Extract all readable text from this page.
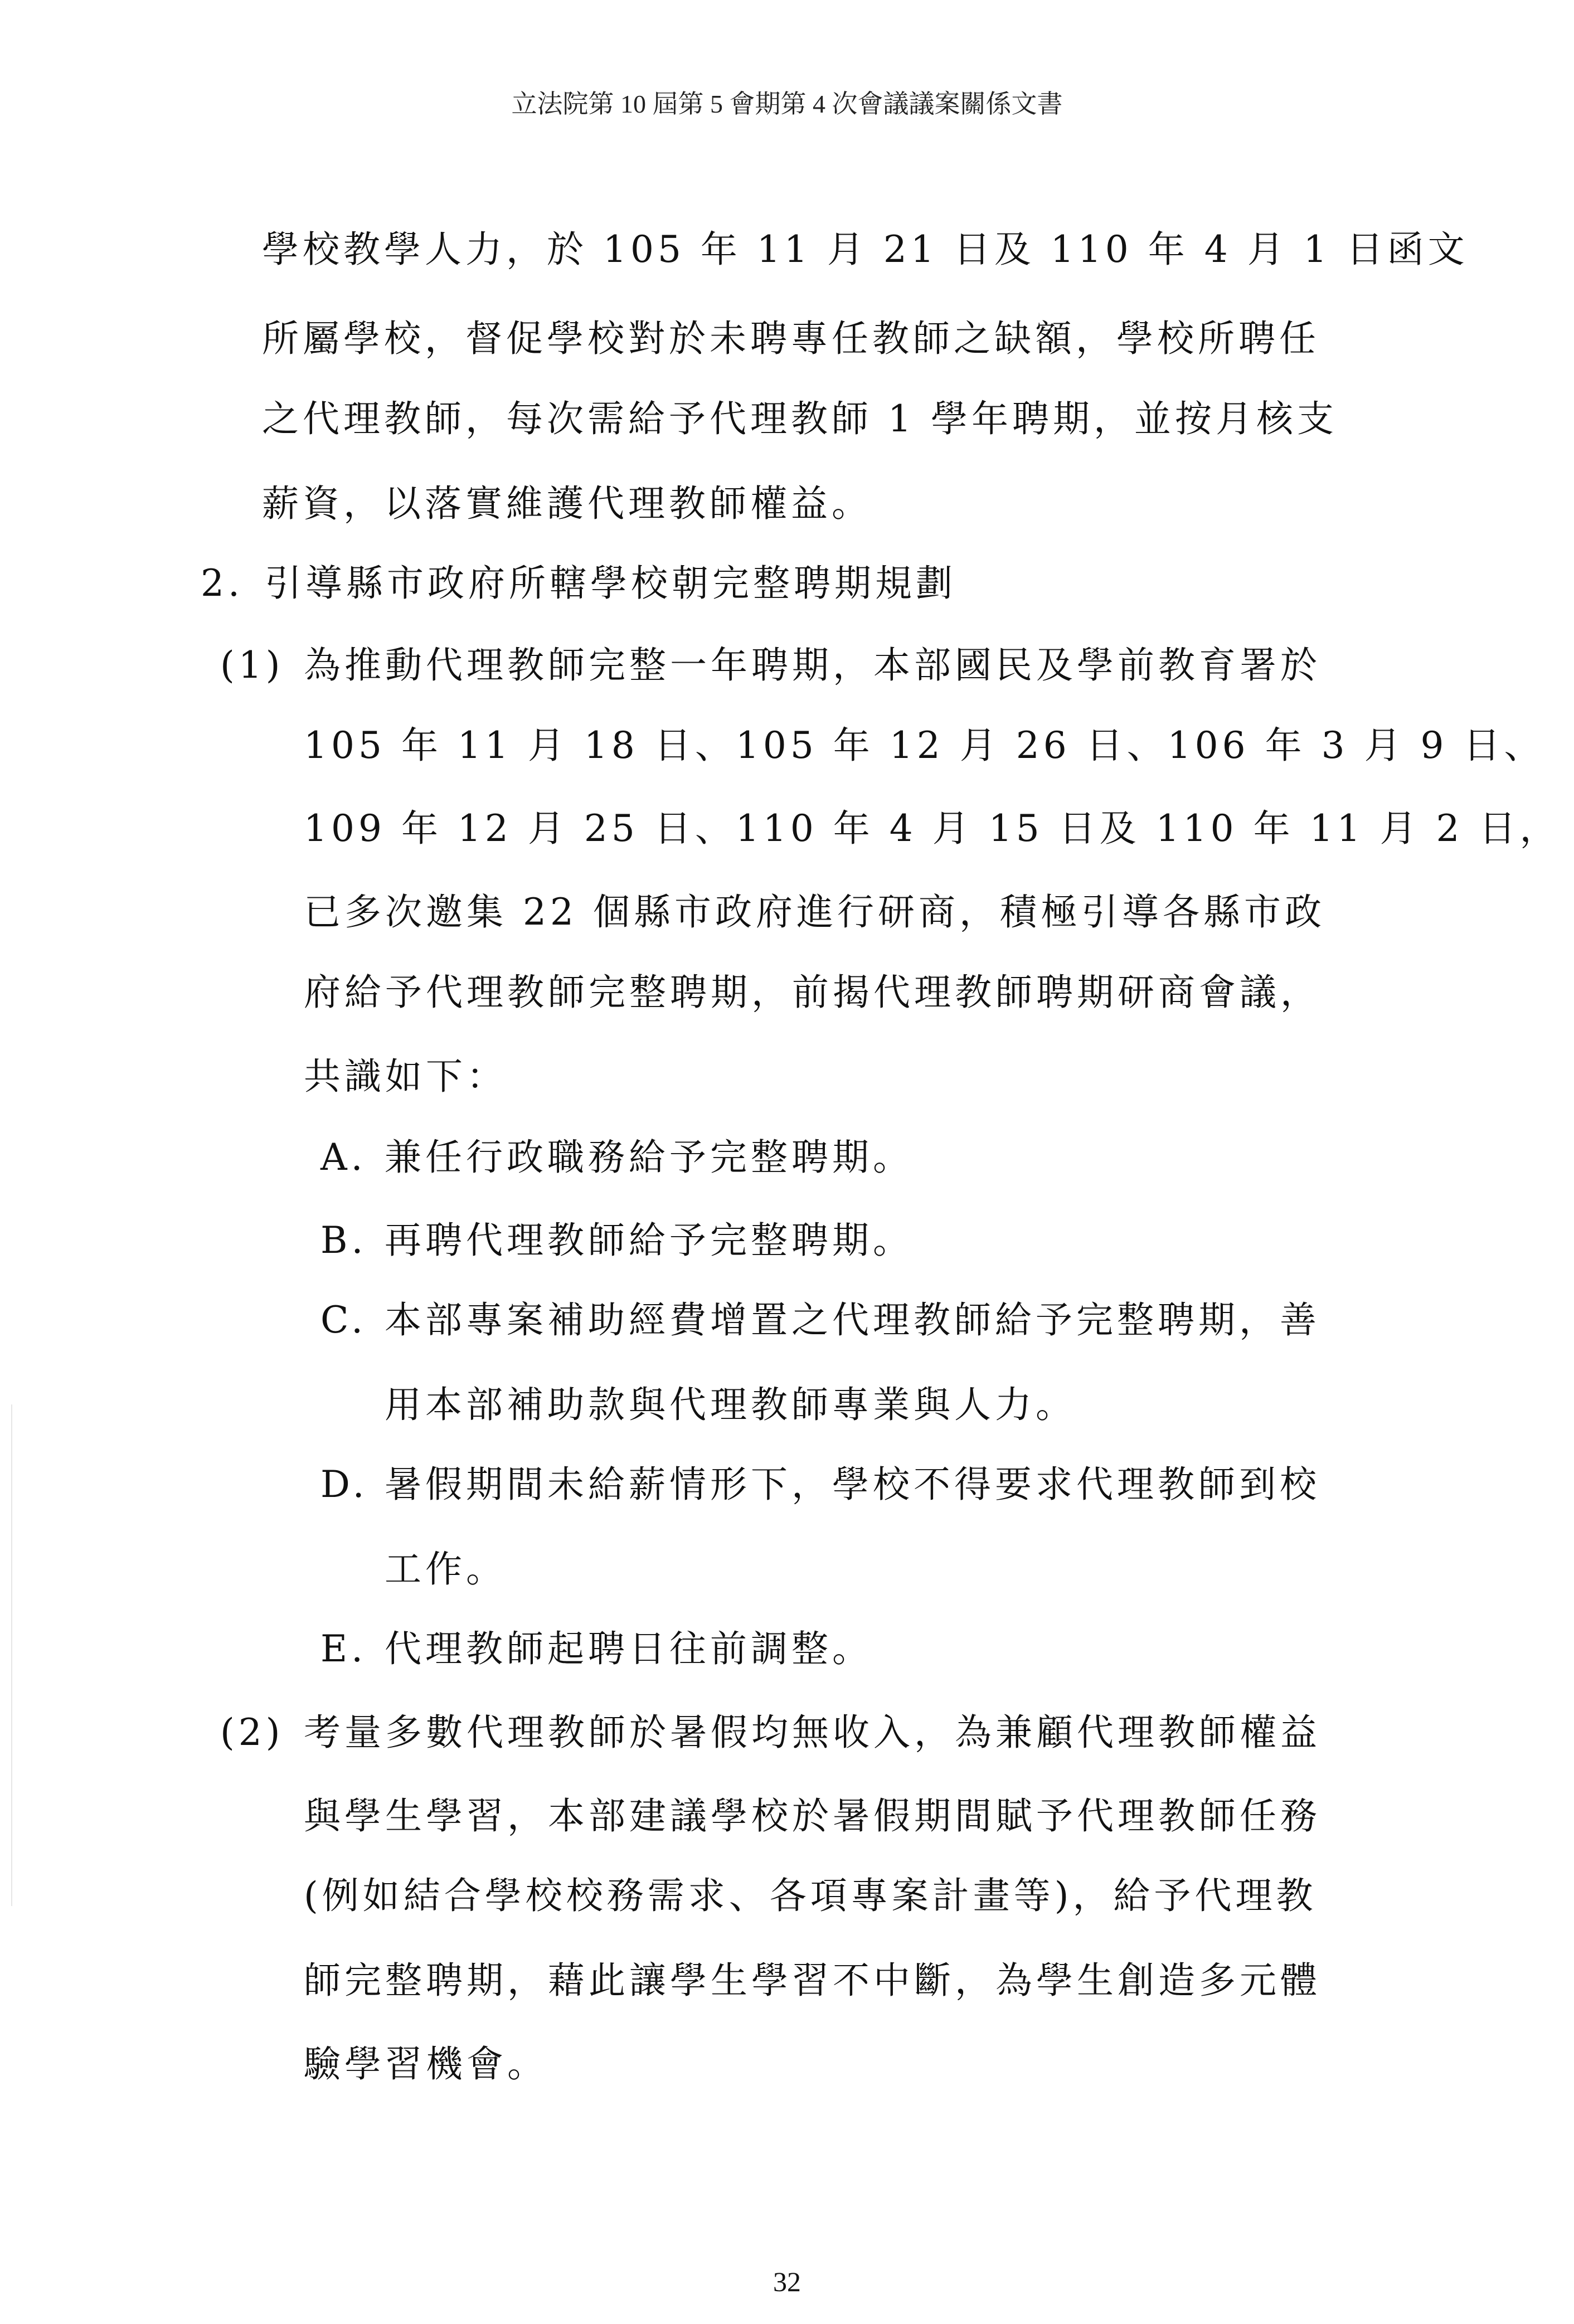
立法院第 10 屆第 5 會期第 4 次會議議案關係文書
學校教學人力，於 105 年 11 月 21 日及 110 年 4 月 1 日函文
所屬學校，督促學校對於未聘專任教師之缺額，學校所聘任
之代理教師，每次需給予代理教師 1 學年聘期，並按月核支
薪資，以落實維護代理教師權益。
2. 引導縣市政府所轄學校朝完整聘期規劃
(1) 為推動代理教師完整一年聘期，本部國民及學前教育署於
105 年 11 月 18 日、105 年 12 月 26 日、106 年 3 月 9 日、
109 年 12 月 25 日、110 年 4 月 15 日及 110 年 11 月 2 日，
已多次邀集 22 個縣市政府進行研商，積極引導各縣市政
府給予代理教師完整聘期，前揭代理教師聘期研商會議，
共識如下：
A. 兼任行政職務給予完整聘期。
B. 再聘代理教師給予完整聘期。
C. 本部專案補助經費增置之代理教師給予完整聘期，善
用本部補助款與代理教師專業與人力。
D. 暑假期間未給薪情形下，學校不得要求代理教師到校
工作。
E. 代理教師起聘日往前調整。
(2) 考量多數代理教師於暑假均無收入，為兼顧代理教師權益
與學生學習，本部建議學校於暑假期間賦予代理教師任務
(例如結合學校校務需求、各項專案計畫等)，給予代理教
師完整聘期，藉此讓學生學習不中斷，為學生創造多元體
驗學習機會。
32
